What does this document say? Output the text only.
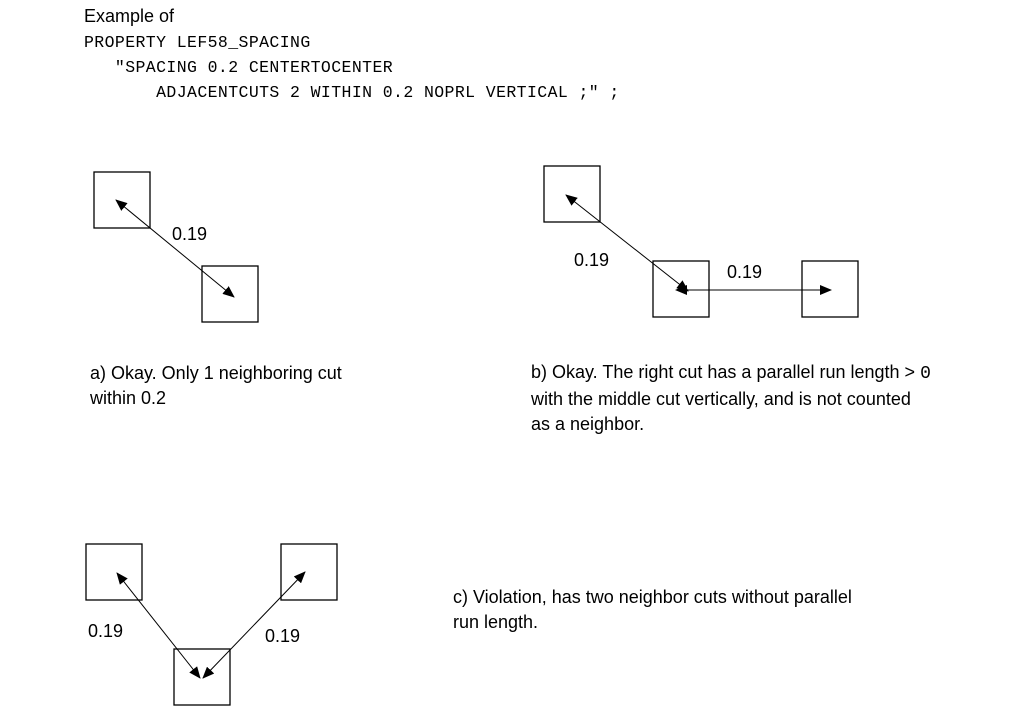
Example of
PROPERTY LEF58_SPACING
"SPACING 0.2 CENTERTOCENTER
ADJACENTCUTS 2 WITHIN 0.2 NOPRL VERTICAL ;" ;
0.19
0.19
0.19
0.19	0.19
a) Okay. Only 1 neighboring cut within 0.2
b) Okay. The right cut has a parallel run length > 0 with the middle cut vertically, and is not counted as a neighbor.
c) Violation, has two neighbor cuts without parallel run length.
